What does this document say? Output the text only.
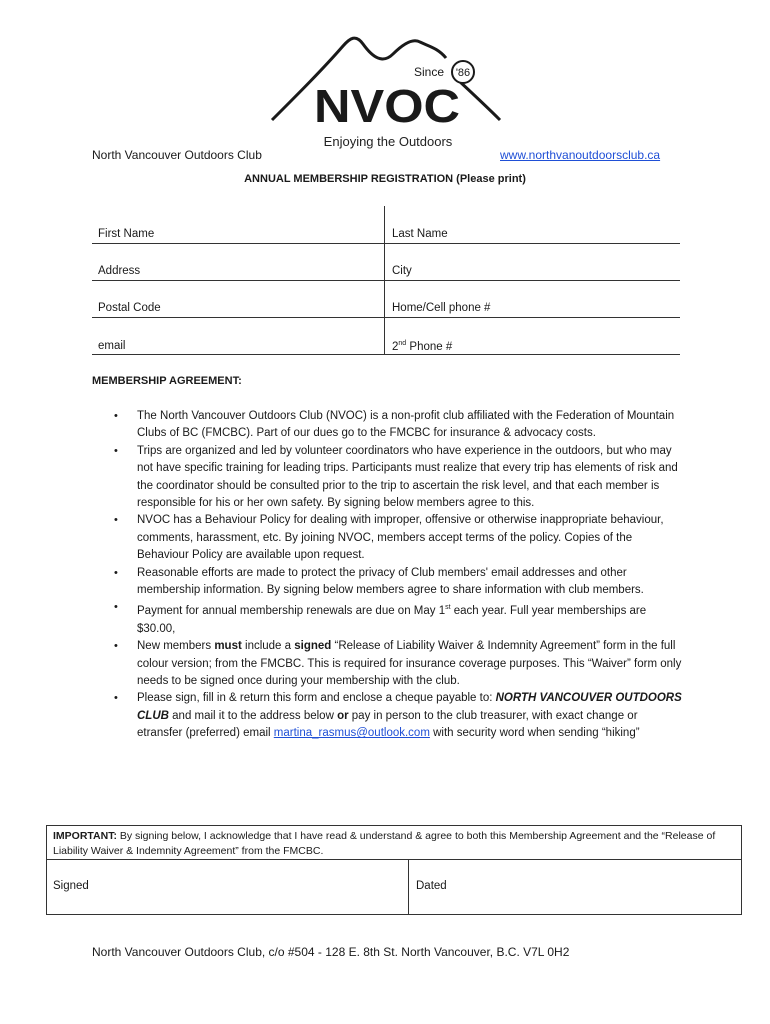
'86
Since
NVOC
Enjoying the Outdoors
North Vancouver Outdoors Club	www.northvanoutdoorsclub.ca
ANNUAL MEMBERSHIP REGISTRATION (Please print)
First Name	Last Name
Address	City
Postal Code	Home/Cell phone #
email	2nd Phone #
MEMBERSHIP AGREEMENT:
• The North Vancouver Outdoors Club (NVOC) is a non-profit club affiliated with the Federation of Mountain Clubs of BC (FMCBC). Part of our dues go to the FMCBC for insurance & advocacy costs.
• Trips are organized and led by volunteer coordinators who have experience in the outdoors, but who may not have specific training for leading trips. Participants must realize that every trip has elements of risk and the coordinator should be consulted prior to the trip to ascertain the risk level, and that each member is responsible for his or her own safety. By signing below members agree to this.
• NVOC has a Behaviour Policy for dealing with improper, offensive or otherwise inappropriate behaviour, comments, harassment, etc. By joining NVOC, members accept terms of the policy. Copies of the Behaviour Policy are available upon request.
• Reasonable efforts are made to protect the privacy of Club members' email addresses and other membership information. By signing below members agree to share information with club members.
• Payment for annual membership renewals are due on May 1st each year. Full year memberships are $30.00,
• New members must include a signed “Release of Liability Waiver & Indemnity Agreement” form in the full colour version; from the FMCBC. This is required for insurance coverage purposes. This “Waiver” form only needs to be signed once during your membership with the club.
• Please sign, fill in & return this form and enclose a cheque payable to: NORTH VANCOUVER OUTDOORS CLUB and mail it to the address below or pay in person to the club treasurer, with exact change or etransfer (preferred) email martina_rasmus@outlook.com with security word when sending “hiking”
IMPORTANT: By signing below, I acknowledge that I have read & understand & agree to both this Membership Agreement and the “Release of Liability Waiver & Indemnity Agreement” from the FMCBC.
Signed	Dated
North Vancouver Outdoors Club, c/o #504 - 128 E. 8th St. North Vancouver, B.C. V7L 0H2
